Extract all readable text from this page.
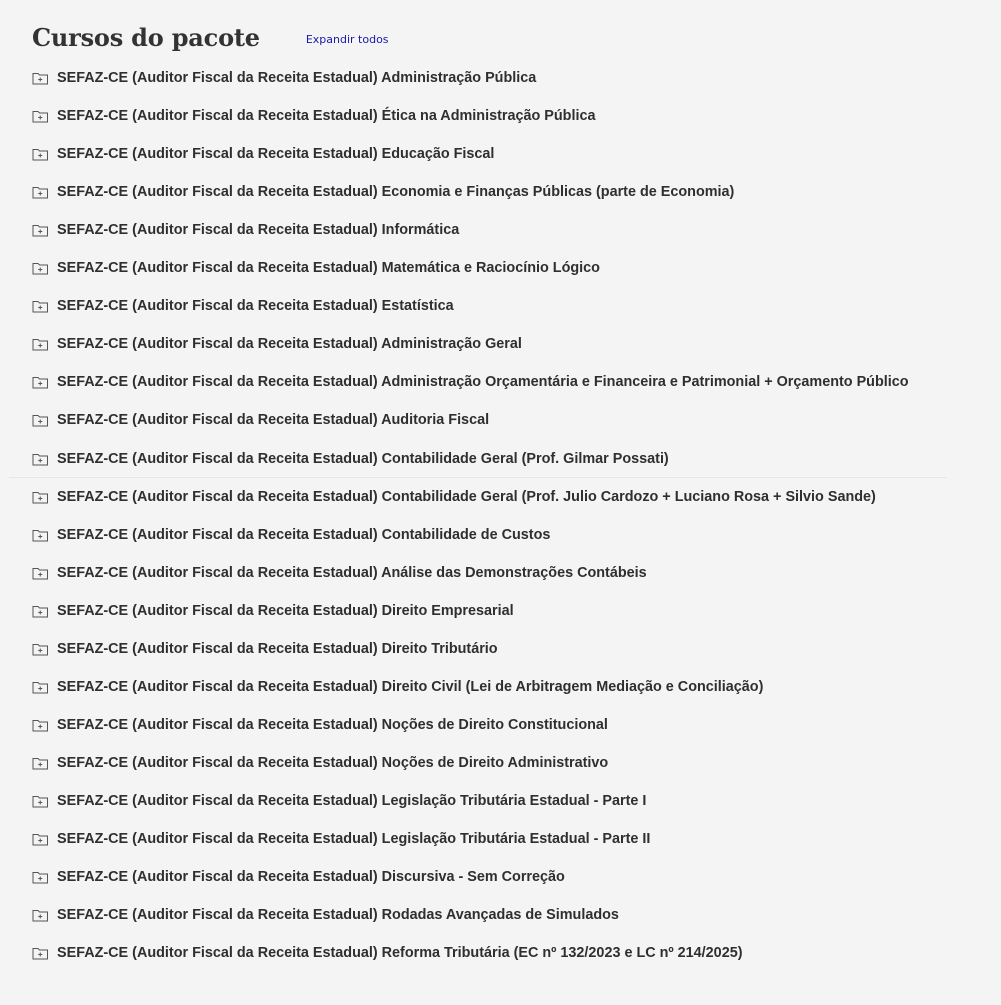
Cursos do pacote	Expandir todos
SEFAZ-CE (Auditor Fiscal da Receita Estadual) Administração Pública
SEFAZ-CE (Auditor Fiscal da Receita Estadual) Ética na Administração Pública
SEFAZ-CE (Auditor Fiscal da Receita Estadual) Educação Fiscal
SEFAZ-CE (Auditor Fiscal da Receita Estadual) Economia e Finanças Públicas (parte de Economia)
SEFAZ-CE (Auditor Fiscal da Receita Estadual) Informática
SEFAZ-CE (Auditor Fiscal da Receita Estadual) Matemática e Raciocínio Lógico
SEFAZ-CE (Auditor Fiscal da Receita Estadual) Estatística
SEFAZ-CE (Auditor Fiscal da Receita Estadual) Administração Geral
SEFAZ-CE (Auditor Fiscal da Receita Estadual) Administração Orçamentária e Financeira e Patrimonial + Orçamento Público
SEFAZ-CE (Auditor Fiscal da Receita Estadual) Auditoria Fiscal
SEFAZ-CE (Auditor Fiscal da Receita Estadual) Contabilidade Geral (Prof. Gilmar Possati)
SEFAZ-CE (Auditor Fiscal da Receita Estadual) Contabilidade Geral (Prof. Julio Cardozo + Luciano Rosa + Silvio Sande)
SEFAZ-CE (Auditor Fiscal da Receita Estadual) Contabilidade de Custos
SEFAZ-CE (Auditor Fiscal da Receita Estadual) Análise das Demonstrações Contábeis
SEFAZ-CE (Auditor Fiscal da Receita Estadual) Direito Empresarial
SEFAZ-CE (Auditor Fiscal da Receita Estadual) Direito Tributário
SEFAZ-CE (Auditor Fiscal da Receita Estadual) Direito Civil (Lei de Arbitragem Mediação e Conciliação)
SEFAZ-CE (Auditor Fiscal da Receita Estadual) Noções de Direito Constitucional
SEFAZ-CE (Auditor Fiscal da Receita Estadual) Noções de Direito Administrativo
SEFAZ-CE (Auditor Fiscal da Receita Estadual) Legislação Tributária Estadual - Parte I
SEFAZ-CE (Auditor Fiscal da Receita Estadual) Legislação Tributária Estadual - Parte II
SEFAZ-CE (Auditor Fiscal da Receita Estadual) Discursiva - Sem Correção
SEFAZ-CE (Auditor Fiscal da Receita Estadual) Rodadas Avançadas de Simulados
SEFAZ-CE (Auditor Fiscal da Receita Estadual) Reforma Tributária (EC nº 132/2023 e LC nº 214/2025)
